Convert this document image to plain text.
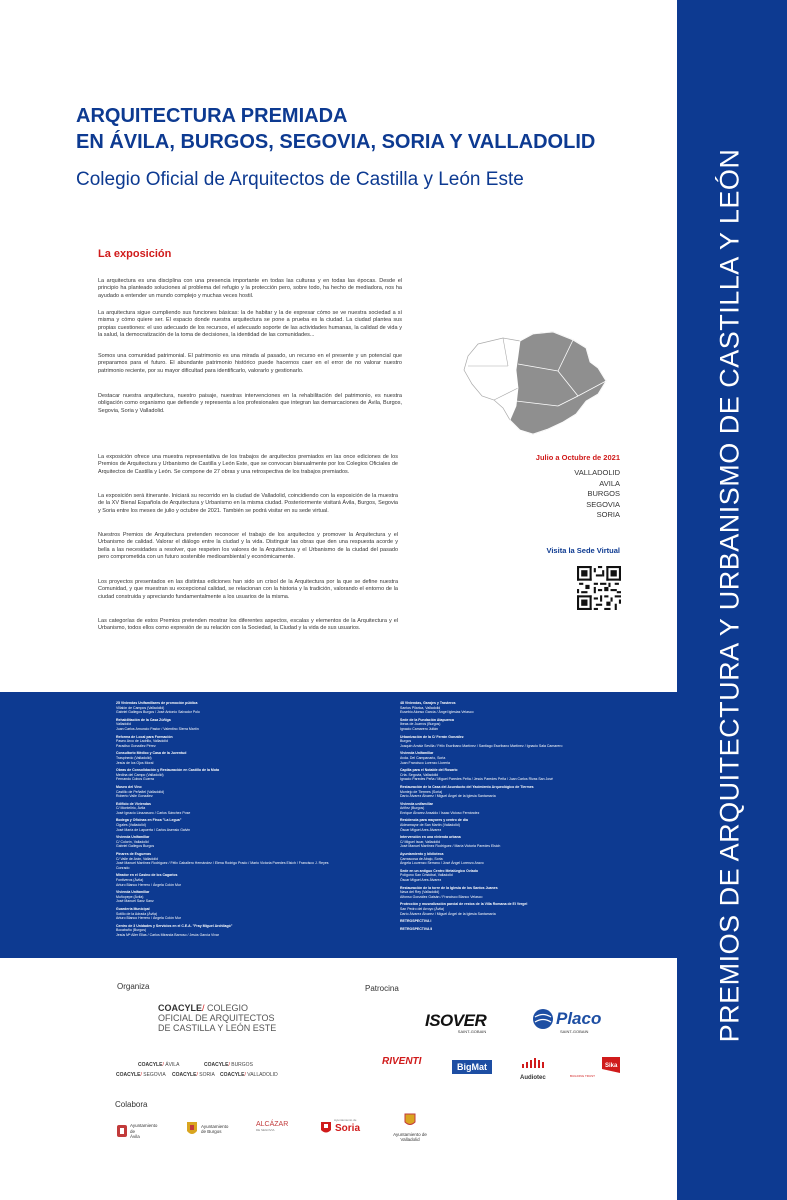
PREMIOS DE ARQUITECTURA Y URBANISMO DE CASTILLA Y LEÓN
ARQUITECTURA PREMIADA
EN ÁVILA, BURGOS, SEGOVIA, SORIA Y VALLADOLID
Colegio Oficial de Arquitectos de Castilla y León Este
La exposición

La arquitectura es una disciplina con una presencia importante en todas las culturas y en todas las épocas. Desde el principio ha planteado soluciones al problema del refugio y la protección pero, sobre todo, ha hecho de mediadora, nos ha ayudado a entender un mundo complejo y muchas veces hostil.

La arquitectura sigue cumpliendo sus funciones básicas: la de habitar y la de expresar cómo se ve nuestra sociedad a sí misma y cómo quiere ser. El espacio donde nuestra arquitectura se pone a prueba es la ciudad. La ciudad plantea sus propias cuestiones: el uso adecuado de los recursos, el adecuado soporte de las actividades humanas, la calidad de vida y la salud, la democratización de la toma de decisiones, la identidad de las comunidades...

Somos una comunidad patrimonial. El patrimonio es una mirada al pasado, un recurso en el presente y un potencial que preparamos para el futuro. El abundante patrimonio histórico puede hacernos caer en el error de no valorar nuestro patrimonio reciente, por su mayor dificultad para identificarlo, valorarlo y gestionarlo.

Destacar nuestra arquitectura, nuestro paisaje, nuestras intervenciones en la rehabilitación del patrimonio, es nuestra obligación como organismo que defiende y representa a los profesionales que integran las demarcaciones de Ávila, Burgos, Segovia, Soria y Valladolid.

La exposición ofrece una muestra representativa de los trabajos de arquitectos premiados en las once ediciones de los Premios de Arquitectura y Urbanismo de Castilla y León Este, que se convocan bianualmente por los Colegios Oficiales de Arquitectos de Castilla y León. Se compone de 27 obras y una retrospectiva de los trabajos premiados.

La exposición será itinerante. Iniciará su recorrido en la ciudad de Valladolid, coincidiendo con la exposición de la muestra de la XV Bienal Española de Arquitectura y Urbanismo en la misma ciudad. Posteriormente visitará Ávila, Burgos, Segovia y Soria entre los meses de julio y octubre de 2021. También se podrá visitar en su sede virtual.

Nuestros Premios de Arquitectura pretenden reconocer el trabajo de los arquitectos y promover la Arquitectura y el Urbanismo de calidad. Valorar el diálogo entre la ciudad y la vida. Distinguir las obras que den una respuesta acorde y bella a las necesidades a resolver, que respeten los valores de la Arquitectura y el Urbanismo de la ciudad del pasado pero comprometida con un futuro sostenible medioambiental y económicamente.

Los proyectos presentados en las distintas ediciones han sido un crisol de la Arquitectura por la que se define nuestra Comunidad, y que muestran su excepcional calidad, se relacionan con la historia y la tradición, valorando el entorno de la ciudad construida y apreciando fundamentalmente a los usuarios de la misma.

Las categorías de estos Premios pretenden mostrar los diferentes aspectos, escalas y elementos de la Arquitectura y el Urbanismo, todos ellos como expresión de su relación con la Sociedad, la Ciudad y la vida de sus usuarios.

Julio a Octubre de 2021
VALLADOLID
AVILA
BURGOS
SEGOVIA
SORIA
Visita la Sede Virtual
25 Viviendas Unifamiliares de promoción pública
Villalón de Campos (Valladolid)
Gabriel Gallegos Burgos / José Antonio Salvador Polo
Rehabilitación de la Casa Zúñiga
Valladolid
Juan Carlos Arnuncio Pastor / Valentino Sierra Martín
Reforma de Local para Formación
Paseo Arco de Ladrillo, Valladolid
Paradiso González Pérez
Consultorio Médico y Casa de la Juventud
Traspinedo (Valladolid)
Jesús de los Ojos Moral
Obras de Consolidación y Restauración en Castillo de la Mota
Medina del Campo (Valladolid)
Fernando Cobos Guerra
Museo del Vino
Castillo de Peñafiel (Valladolid)
Roberto Valle González
Edificio de Viviendas
C/ Montelirio, Ávila
José Ignacio Linazasoro / Carlos Sánchez Pose
Bodega y Oficinas en Finca "La Legua"
Cigales (Valladolid)
José María de Lapuerta / Carlos Asensio Galvin
Vivienda Unifamiliar
C/ Colorín, Valladolid
Gabriel Gallegos Burgos
Pinares de Esguevas
C/ Valle de Arán, Valladolid
José Manuel Martínez Rodríguez / Félix Caballero Hernández / Elena Rodrigo Prado / Mario Victoria Paredes Elsich / Francisco J. Reyes Conrado
Mirador en el Casino de los Cagarios
Fontiveros (Ávila)
Arturo Blanco Herrero / Ángela Colón Mur
Vivienda Unifamiliar
Muñopepe (Ávila)
José Manuel Sanz Sanz
Guardería Municipal
Sotillo de la Adrada (Ávila)
Arturo Blanco Herrero / Ángela Colón Mur
Centro de 3 Unidades y Servicios en el C.E.A. "Fray Miguel Archilagó"
Bocabaño (Burgos)
Jesús Mª Aller Ellas / Carlos Miranda Barroso / Jesús García Vivar
48 Viviendas, Garajes y Trasteros
Santos Pilarica, Valladolid
Eusebio Alonso García / Ángel Iglesias Velasco
Sede de la Fundación Atapuerca
Ibeas de Juarros (Burgos)
Ignacio Camarero Julián
Urbanización de la C/ Ferrán González
Burgos
Joaquín Arnáiz Sevilla / Félix Escribano Martínez / Santiago Escribano Martínez / Ignacio Sala Camarero
Vivienda Unifamiliar
Avda. Del Campanario, Soria
Juan Francisco Lorenzo Lloreria
Capilla para el Notable del Rosario
Crta. Segovia, Valladolid
Ignacio Paredes Peña / Miguel Paredes Peña / Jesús Paredes Peña / Juan Carlos Rivas San José
Restauración de la Casa del Acueducto del Yacimiento Arqueológico de Tiermes
Montejo de Tiermes (Soria)
Darío Álvarez Álvarez / Miguel Ángel de la Iglesia Santamaría
Vivienda unifamiliar
Ariñez (Burgos)
Enrique Álvarez Ansaldo / Isaac Vicioso Fernández
Residencia para mayores y centro de día
Aldeamayor de San Martín (Valladolid)
Óscar Miguel Ares Álvarez
Intervención en una vivienda urbana
C/ Miguel Iscar, Valladolid
José Manuel Martínez Rodríguez / María Victoria Paredes Elsich
Ayuntamiento y biblioteca
Carrascosa de Abajo, Soria
Ángela Lourenzo Serrano / José Ángel Lorenzo Aravo
Sede en un antiguo Centro Metalúrgico Ovlado
Polígono San Cristóbal, Valladolid
Óscar Miguel Ares Álvarez
Restauración de la torre de la Iglesia de los Santos Juanes
Nava del Rey (Valladolid)
Alfonso González Gaisán / Francisco Blanco Velasco
Protección y musealización parcial de restos de la Villa Romana de El Vergel
San Pedro del Arroyo (Ávila)
Darío Álvarez Álvarez / Miguel Ángel de la Iglesia Santamaría
RETROSPECTIVA I
RETROSPECTIVA II
Organiza
COACYLE/ COLEGIO
OFICIAL DE ARQUITECTOS
DE CASTILLA Y LEÓN ESTE
COACYLE/ ÁVILA	COACYLE/ BURGOS
COACYLE/ SEGOVIA COACYLE/ SORIA COACYLE/ VALLADOLID
Patrocina
ISOVER
SAINT-GOBAIN
Placo
SAINT-GOBAIN
RIVENTI	BigMat
Audiotec
Sika
BUILDING TRUST
Colabora
Ayuntamiento
de
Ávila
Ayuntamiento
de Burgos
ALCÁZAR
DE SEGOVIA
Ayuntamiento de
Soria
Ayuntamiento de
Valladolid
